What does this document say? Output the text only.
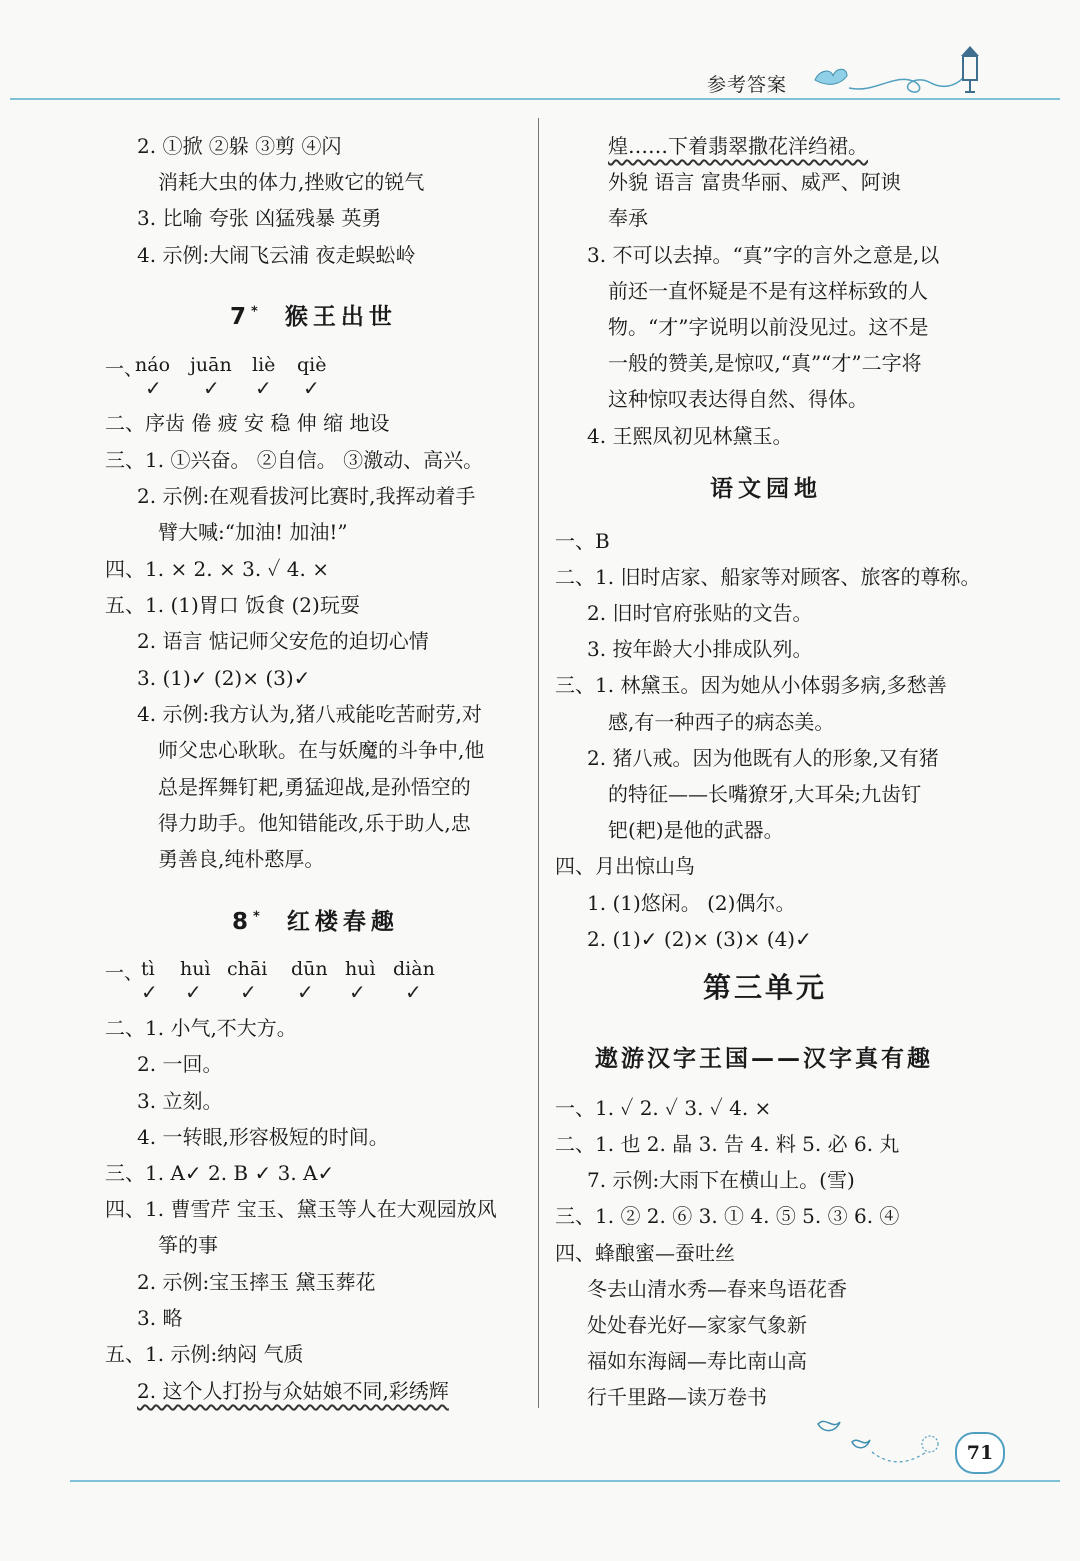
参考答案
2. ①掀 ②躲 ③剪 ④闪
消耗大虫的体力,挫败它的锐气
3. 比喻 夸张 凶猛残暴 英勇
4. 示例:大闹飞云浦 夜走蜈蚣岭
7* 猴王出世
一、
náo juān liè qiè
✓ ✓ ✓ ✓
二、序齿 倦 疲 安 稳 伸 缩 地设
三、1. ①兴奋。 ②自信。 ③激动、高兴。
2. 示例:在观看拔河比赛时,我挥动着手
臂大喊:“加油! 加油!”
四、1. × 2. × 3. ✓ 4. ×
五、1. (1)胃口 饭食 (2)玩耍
2. 语言 惦记师父安危的迫切心情
3. (1)✓ (2)× (3)✓
4. 示例:我方认为,猪八戒能吃苦耐劳,对
师父忠心耿耿。在与妖魔的斗争中,他
总是挥舞钉耙,勇猛迎战,是孙悟空的
得力助手。他知错能改,乐于助人,忠
勇善良,纯朴憨厚。
8* 红楼春趣
一、
tì huì chāi dūn huì diàn
✓ ✓ ✓ ✓ ✓ ✓
二、1. 小气,不大方。
2. 一回。
3. 立刻。
4. 一转眼,形容极短的时间。
三、1. A✓ 2. B ✓ 3. A✓
四、1. 曹雪芹 宝玉、黛玉等人在大观园放风
筝的事
2. 示例:宝玉摔玉 黛玉葬花
3. 略
五、1. 示例:纳闷 气质
2. 这个人打扮与众姑娘不同,彩绣辉
煌……下着翡翠撒花洋绉裙。
外貌 语言 富贵华丽、威严、阿谀
奉承
3. 不可以去掉。“真”字的言外之意是,以
前还一直怀疑是不是有这样标致的人
物。“才”字说明以前没见过。这不是
一般的赞美,是惊叹,“真”“才”二字将
这种惊叹表达得自然、得体。
4. 王熙凤初见林黛玉。
语文园地
一、B
二、1. 旧时店家、船家等对顾客、旅客的尊称。
2. 旧时官府张贴的文告。
3. 按年龄大小排成队列。
三、1. 林黛玉。因为她从小体弱多病,多愁善
感,有一种西子的病态美。
2. 猪八戒。因为他既有人的形象,又有猪
的特征——长嘴獠牙,大耳朵;九齿钉
钯(耙)是他的武器。
四、月出惊山鸟
1. (1)悠闲。 (2)偶尔。
2. (1)✓ (2)× (3)× (4)✓
第三单元
遨游汉字王国——汉字真有趣
一、1. ✓ 2. ✓ 3. ✓ 4. ×
二、1. 也 2. 晶 3. 告 4. 料 5. 必 6. 丸
7. 示例:大雨下在横山上。(雪)
三、1. ② 2. ⑥ 3. ① 4. ⑤ 5. ③ 6. ④
四、蜂酿蜜—蚕吐丝
冬去山清水秀—春来鸟语花香
处处春光好—家家气象新
福如东海阔—寿比南山高
行千里路—读万卷书
71
